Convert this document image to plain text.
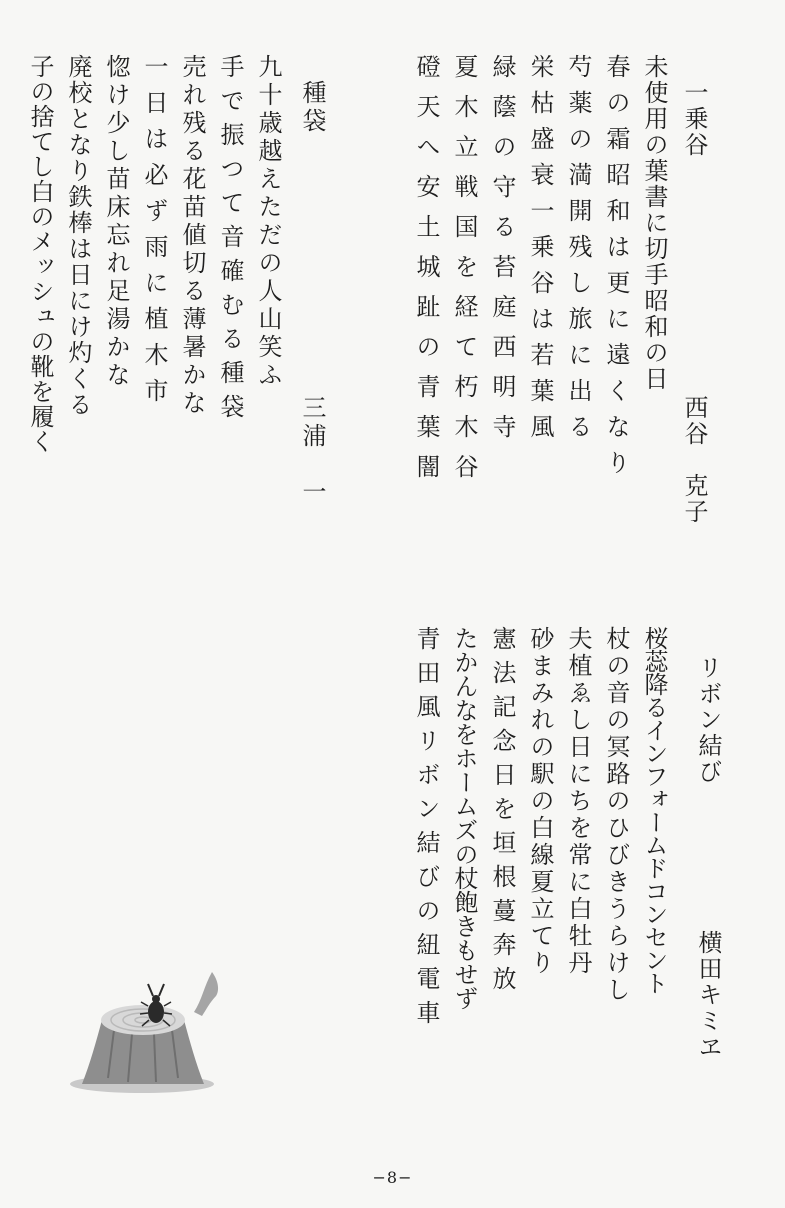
一乗谷
西谷　克子
未使用の葉書に切手昭和の日
春の霜昭和は更に遠くなり
芍薬の満開残し旅に出る
栄枯盛衰一乗谷は若葉風
緑蔭の守る苔庭西明寺
夏木立戦国を経て朽木谷
磴天へ安土城趾の青葉闇
種袋
三浦　一
九十歳越えただの人山笑ふ
手で振つて音確むる種袋
売れ残る花苗値切る薄暑かな
一日は必ず雨に植木市
惚け少し苗床忘れ足湯かな
廃校となり鉄棒は日にけ灼くる
子の捨てし白のメッシュの靴を履く
リボン結び
横田キミヱ
桜蕊降るインフォームドコンセント
杖の音の冥路のひびきうらけし
夫植ゑし日にちを常に白牡丹
砂まみれの駅の白線夏立てり
憲法記念日を垣根蔓奔放
たかんなをホームズの杖飽きもせず
青田風リボン結びの紐電車
−8−
